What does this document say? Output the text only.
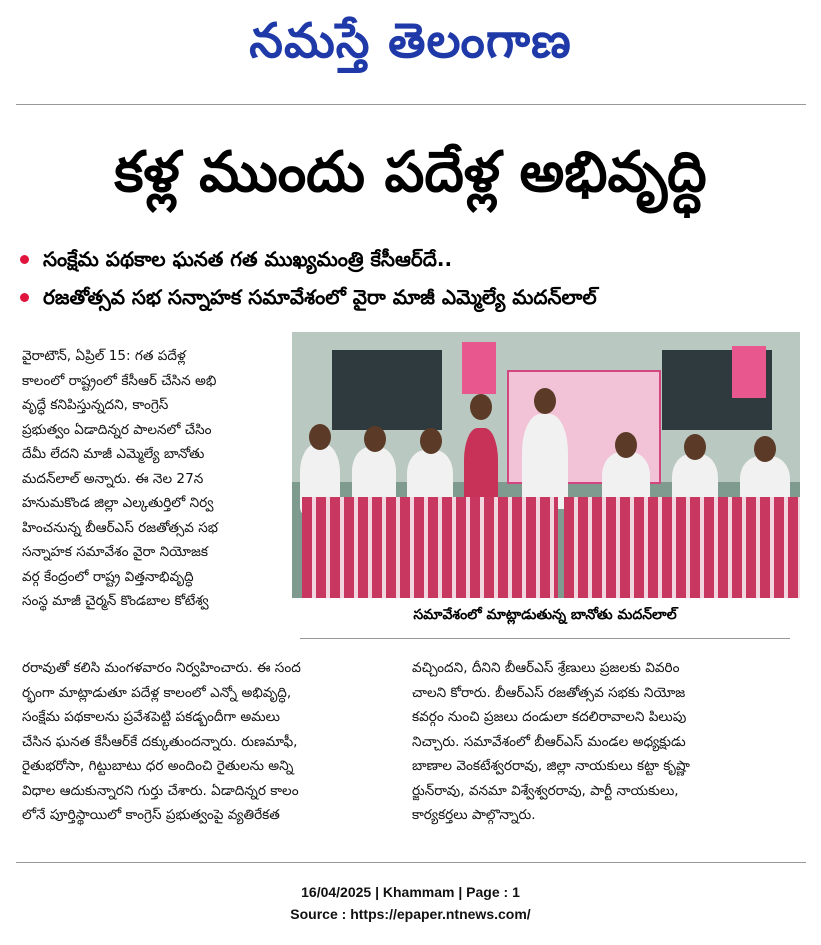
నమస్తే తెలంగాణ
కళ్ల ముందు పదేళ్ల అభివృద్ధి
సంక్షేమ పథకాల ఘనత గత ముఖ్యమంత్రి కేసీఆర్‌దే..
రజతోత్సవ సభ సన్నాహక సమావేశంలో వైరా మాజీ ఎమ్మెల్యే మదన్‌లాల్
వైరాటౌన్, ఏప్రిల్ 15: గత పదేళ్ల
కాలంలో రాష్ట్రంలో కేసీఆర్ చేసిన అభి
వృద్ధే కనిపిస్తున్నదని, కాంగ్రెస్
ప్రభుత్వం ఏడాదిన్నర పాలనలో చేసిం
దేమీ లేదని మాజీ ఎమ్మెల్యే బానోతు
మదన్‌లాల్ అన్నారు. ఈ నెల 27న
హనుమకొండ జిల్లా ఎల్కతుర్తిలో నిర్వ
హించనున్న బీఆర్‌ఎస్ రజతోత్సవ సభ
సన్నాహక సమావేశం వైరా నియోజక
వర్గ కేంద్రంలో రాష్ట్ర విత్తనాభివృద్ధి
సంస్థ మాజీ చైర్మన్ కొండబాల కోటేశ్వ
సమావేశంలో మాట్లాడుతున్న బానోతు మదన్‌లాల్
రరావుతో కలిసి మంగళవారం నిర్వహించారు. ఈ సంద
ర్భంగా మాట్లాడుతూ పదేళ్ల కాలంలో ఎన్నో అభివృద్ధి,
సంక్షేమ పథకాలను ప్రవేశపెట్టి పకడ్బందీగా అమలు
చేసిన ఘనత కేసీఆర్‌కే దక్కుతుందన్నారు. రుణమాఫీ,
రైతుభరోసా, గిట్టుబాటు ధర అందించి రైతులను అన్ని
విధాల ఆదుకున్నారని గుర్తు చేశారు. ఏడాదిన్నర కాలం
లోనే పూర్తిస్థాయిలో కాంగ్రెస్ ప్రభుత్వంపై వ్యతిరేకత
వచ్చిందని, దీనిని బీఆర్‌ఎస్ శ్రేణులు ప్రజలకు వివరిం
చాలని కోరారు. బీఆర్‌ఎస్ రజతోత్సవ సభకు నియోజ
కవర్గం నుంచి ప్రజలు దండులా కదలిరావాలని పిలుపు
నిచ్చారు. సమావేశంలో బీఆర్‌ఎస్ మండల అధ్యక్షుడు
బాణాల వెంకటేశ్వరరావు, జిల్లా నాయకులు కట్టా కృష్ణా
ర్జున్‌రావు, వనమా విశ్వేశ్వరరావు, పార్టీ నాయకులు,
కార్యకర్తలు పాల్గొన్నారు.
16/04/2025 | Khammam | Page : 1
Source : https://epaper.ntnews.com/
